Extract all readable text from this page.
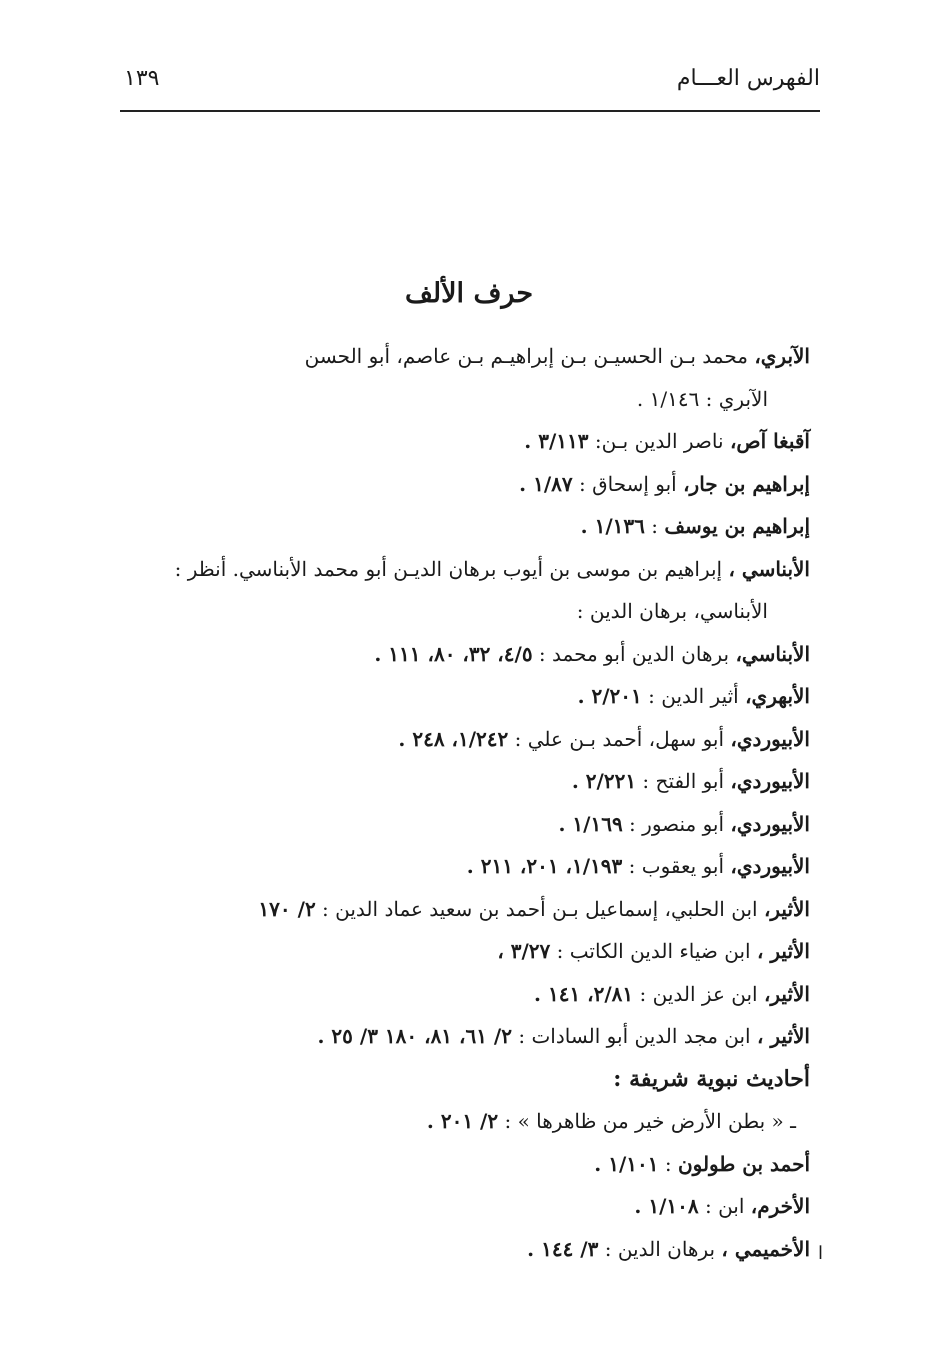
الفهرس العـــام
١٣٩
حرف الألف
الآبري، محمد بـن الحسيـن بـن إبراهيـم بـن عاصم، أبو الحسن
الآبري : ١/١٤٦ .
آقبغا آص، ناصر الدين بـن: ٣/١١٣ .
إبراهيم بن جار، أبو إسحاق : ١/٨٧ .
إبراهيم بن يوسف : ١/١٣٦ .
الأبناسي ، إبراهيم بن موسى بن أيوب برهان الديـن أبو محمد الأبناسي. أنظر :
الأبناسي، برهان الدين :
الأبناسي، برهان الدين أبو محمد : ٤/٥، ٣٢، ٨٠، ١١١ .
الأبهري، أثير الدين : ٢/٢٠١ .
الأبيوردي، أبو سهل، أحمد بـن علي : ١/٢٤٢، ٢٤٨ .
الأبيوردي، أبو الفتح : ٢/٢٢١ .
الأبيوردي، أبو منصور : ١/١٦٩ .
الأبيوردي، أبو يعقوب : ١/١٩٣، ٢٠١، ٢١١ .
الأثير، ابن الحلبي، إسماعيل بـن أحمد بن سعيد عماد الدين : ٢/ ١٧٠
الأثير ، ابن ضياء الدين الكاتب : ٣/٢٧ ،
الأثير، ابن عز الدين : ٢/٨١، ١٤١ .
الأثير ، ابن مجد الدين أبو السادات : ٢/ ٦١، ٨١، ١٨٠ ٣/ ٢٥ .
أحاديث نبوية شريفة :
ـ « بطن الأرض خير من ظاهرها » : ٢/ ٢٠١ .
أحمد بن طولون : ١/١٠١ .
الأخرم، ابن : ١/١٠٨ .
الأخميمي ، برهان الدين : ٣/ ١٤٤ .	ا
